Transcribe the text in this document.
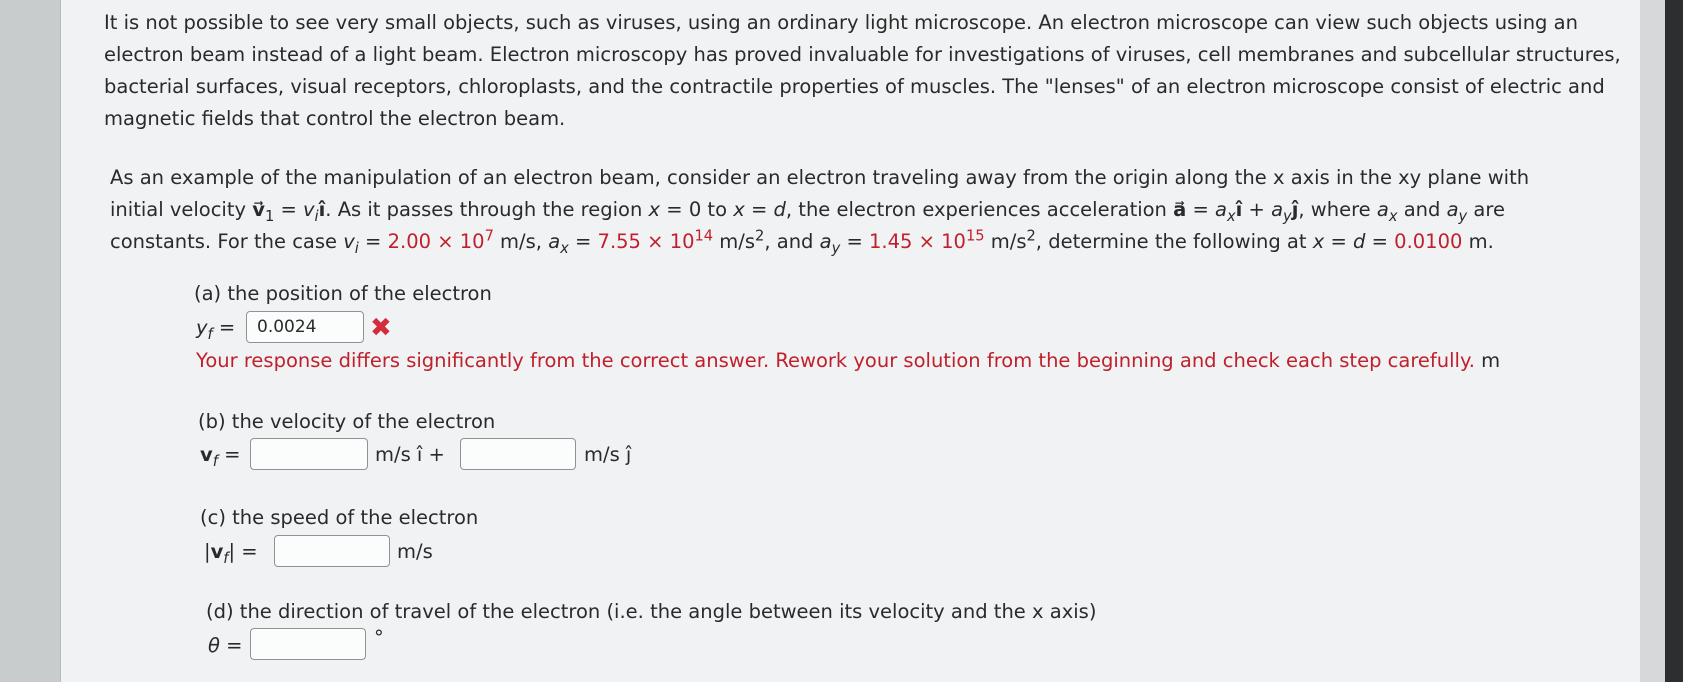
It is not possible to see very small objects, such as viruses, using an ordinary light microscope. An electron microscope can view such objects using an electron beam instead of a light beam. Electron microscopy has proved invaluable for investigations of viruses, cell membranes and subcellular structures, bacterial surfaces, visual receptors, chloroplasts, and the contractile properties of muscles. The "lenses" of an electron microscope consist of electric and magnetic fields that control the electron beam.

As an example of the manipulation of an electron beam, consider an electron traveling away from the origin along the x axis in the xy plane with
initial velocity $v⃗_1$ = $v_iî$. As it passes through the region x = 0 to x = d, the electron experiences acceleration a⃗ = $a_xî$ + $a_yĵ$, where $a_x$ and $a_y$ are
constants. For the case $v_i = 2.00 \times 10^7$ m/s, $a_x = 7.55 \times 10^{14}$ $m/s^2$, and $a_y = 1.45 \times 10^{15}$ $m/s^2$, determine the following at x = d = 0.0100 m.
(a) the position of the electron
$y_f$ =	0.0024	✖
Your response differs significantly from the correct answer. Rework your solution from the beginning and check each step carefully. m
(b) the velocity of the electron
$v_f$ =	m/s î +	m/s ĵ
(c) the speed of the electron
$|v_f|$ =	m/s
(d) the direction of travel of the electron (i.e. the angle between its velocity and the x axis)
θ =	°
